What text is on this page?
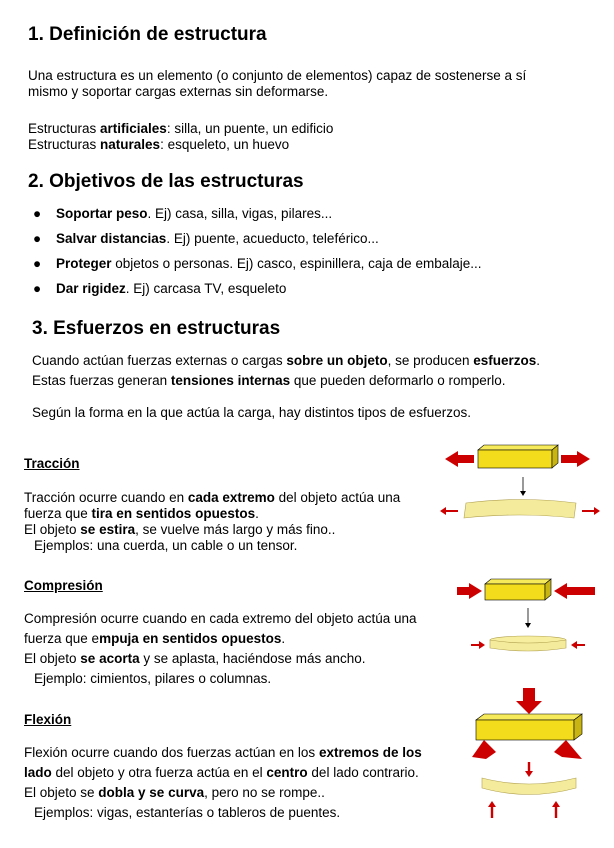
1. Definición de estructura
Una estructura es un elemento (o conjunto de elementos) capaz de sostenerse a sí mismo y soportar cargas externas sin deformarse.
Estructuras artificiales: silla, un puente, un edificio
Estructuras naturales: esqueleto, un huevo
2. Objetivos de las estructuras
● Soportar peso. Ej) casa, silla, vigas, pilares...
● Salvar distancias. Ej) puente, acueducto, teleférico...
● Proteger objetos o personas. Ej) casco, espinillera, caja de embalaje...
● Dar rigidez. Ej) carcasa TV, esqueleto
3. Esfuerzos en estructuras
Cuando actúan fuerzas externas o cargas sobre un objeto, se producen esfuerzos.
Estas fuerzas generan tensiones internas que pueden deformarlo o romperlo.
Según la forma en la que actúa la carga, hay distintos tipos de esfuerzos.
Tracción
Tracción ocurre cuando en cada extremo del objeto actúa una
fuerza que tira en sentidos opuestos.
El objeto se estira, se vuelve más largo y más fino..
Ejemplos: una cuerda, un cable o un tensor.
Compresión
Compresión ocurre cuando en cada extremo del objeto actúa una
fuerza que empuja en sentidos opuestos.
El objeto se acorta y se aplasta, haciéndose más ancho.
Ejemplo: cimientos, pilares o columnas.
Flexión
Flexión ocurre cuando dos fuerzas actúan en los extremos de los
lado del objeto y otra fuerza actúa en el centro del lado contrario.
El objeto se dobla y se curva, pero no se rompe..
Ejemplos: vigas, estanterías o tableros de puentes.
